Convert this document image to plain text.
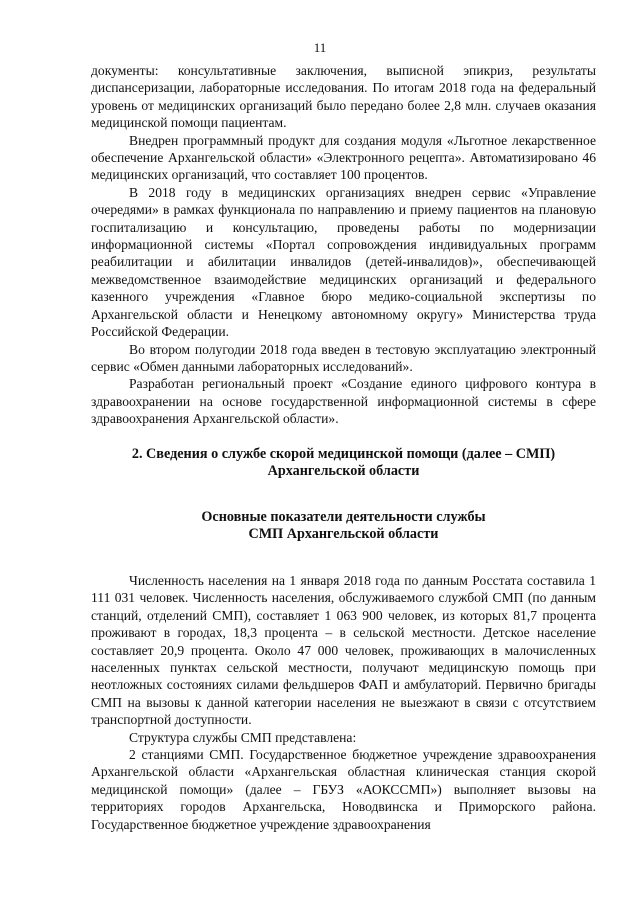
11

документы: консультативные заключения, выписной эпикриз, результаты диспансеризации, лабораторные исследования. По итогам 2018 года на федеральный уровень от медицинских организаций было передано более 2,8 млн. случаев оказания медицинской помощи пациентам.

Внедрен программный продукт для создания модуля «Льготное лекарственное обеспечение Архангельской области» «Электронного рецепта». Автоматизировано 46 медицинских организаций, что составляет 100 процентов.

В 2018 году в медицинских организациях внедрен сервис «Управление очередями» в рамках функционала по направлению и приему пациентов на плановую госпитализацию и консультацию, проведены работы по модернизации информационной системы «Портал сопровождения индивидуальных программ реабилитации и абилитации инвалидов (детей-инвалидов)», обеспечивающей межведомственное взаимодействие медицинских организаций и федерального казенного учреждения «Главное бюро медико-социальной экспертизы по Архангельской области и Ненецкому автономному округу» Министерства труда Российской Федерации.

Во втором полугодии 2018 года введен в тестовую эксплуатацию электронный сервис «Обмен данными лабораторных исследований».

Разработан региональный проект «Создание единого цифрового контура в здравоохранении на основе государственной информационной системы в сфере здравоохранения Архангельской области».

2. Сведения о службе скорой медицинской помощи (далее – СМП)
Архангельской области
Основные показатели деятельности службы
СМП Архангельской области

Численность населения на 1 января 2018 года по данным Росстата составила 1 111 031 человек. Численность населения, обслуживаемого службой СМП (по данным станций, отделений СМП), составляет 1 063 900 человек, из которых 81,7 процента проживают в городах, 18,3 процента – в сельской местности. Детское население составляет 20,9 процента. Около 47 000 человек, проживающих в малочисленных населенных пунктах сельской местности, получают медицинскую помощь при неотложных состояниях силами фельдшеров ФАП и амбулаторий. Первично бригады СМП на вызовы к данной категории населения не выезжают в связи с отсутствием транспортной доступности.

Структура службы СМП представлена:

2 станциями СМП. Государственное бюджетное учреждение здравоохранения Архангельской области «Архангельская областная клиническая станция скорой медицинской помощи» (далее – ГБУЗ «АОКССМП») выполняет вызовы на территориях городов Архангельска, Новодвинска и Приморского района. Государственное бюджетное учреждение здравоохранения
